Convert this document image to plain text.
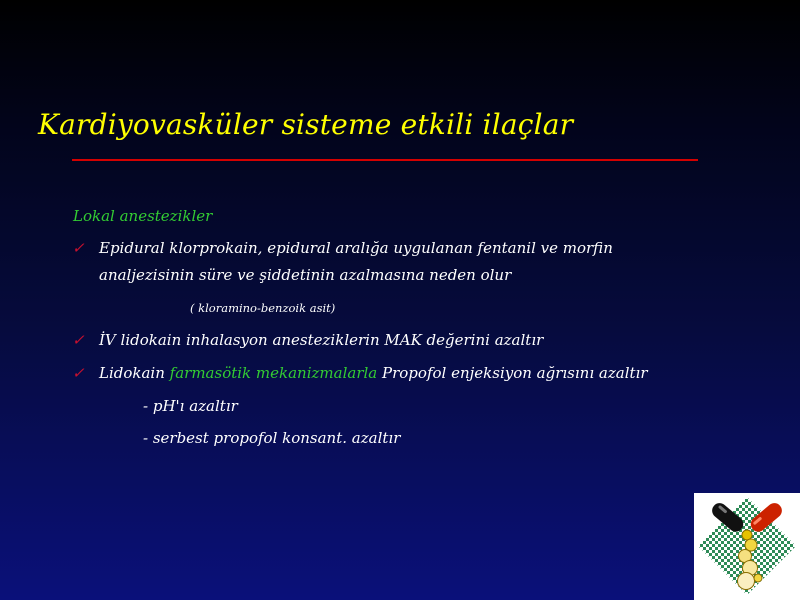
Kardiyovasküler sisteme etkili ilaçlar
Lokal anestezikler
✓ Epidural klorprokain, epidural aralığa uygulanan fentanil ve morfin
analjezisinin süre ve şiddetinin azalmasına neden olur
( kloramino-benzoik asit)
✓ İV lidokain inhalasyon anesteziklerin MAK değerini azaltır
✓ Lidokain farmasötik mekanizmalarla Propofol enjeksiyon ağrısını azaltır
- pH'ı azaltır
- serbest propofol konsant. azaltır
